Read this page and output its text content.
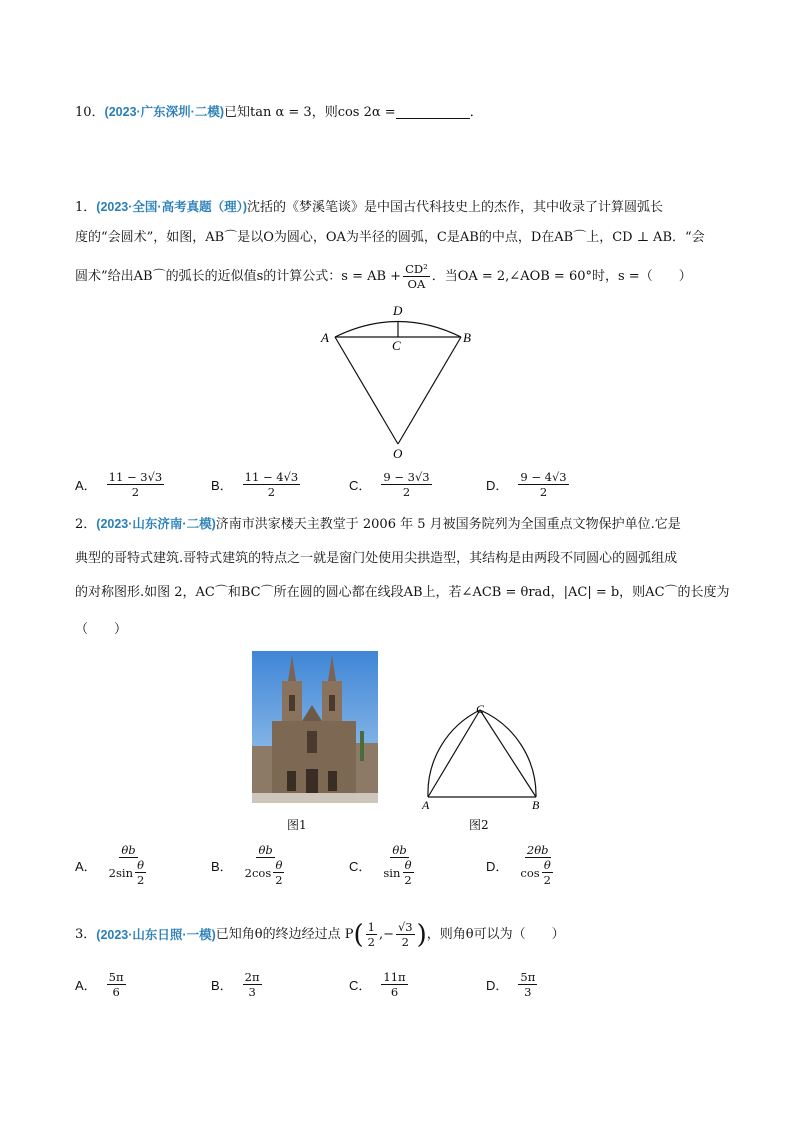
10．(2023·广东深圳·二模)已知tan α = 3，则cos 2α =	．
1．(2023·全国·高考真题（理）)沈括的《梦溪笔谈》是中国古代科技史上的杰作，其中收录了计算圆弧长
度的“会圆术”，如图，AB⌒是以O为圆心，OA为半径的圆弧，C是AB的中点，D在AB⌒上，CD ⊥ AB．“会
圆术”给出AB⌒的弧长的近似值s的计算公式：s = AB + $\frac{\text{CD²}}{OA}$ ．当OA = 2,∠AOB = 60°时，s =（　　）
A	B
D
C
O
A． $\frac{11 - 3√3}{2}$	B． $\frac{11 - 4√3}{2}$	C． $\frac{9 - 3√3}{2}$	D． $\frac{9 - 4√3}{2}$
2．(2023·山东济南·二模)济南市洪家楼天主教堂于 2006 年 5 月被国务院列为全国重点文物保护单位.它是
典型的哥特式建筑.哥特式建筑的特点之一就是窗门处使用尖拱造型，其结构是由两段不同圆心的圆弧组成
的对称图形.如图 2，AC⌒和BC⌒所在圆的圆心都在线段AB上，若∠ACB = θrad，|AC| = b，则AC⌒的长度为
（　　）
图1
C
A	B
图2
A． $\frac{\theta b}{2\sin \frac{\theta}{2}}$	B． $\frac{\theta b}{2\cos \frac{\theta}{2}}$	C． $\frac{\theta b}{\sin \frac{\theta}{2}}$	D． $\frac{2\theta b}{\cos \frac{\theta}{2}}$
3． (2023·山东日照·一模) 已知角θ的终边经过点 P ( $\frac{1}{2}$ ,− $\frac{√3}{2}$ ) ，则角θ可以为（　　）
A． $\frac{5\pi}{6}$	B． $\frac{2\pi}{3}$	C． $\frac{11\pi}{6}$	D． $\frac{5\pi}{3}$
